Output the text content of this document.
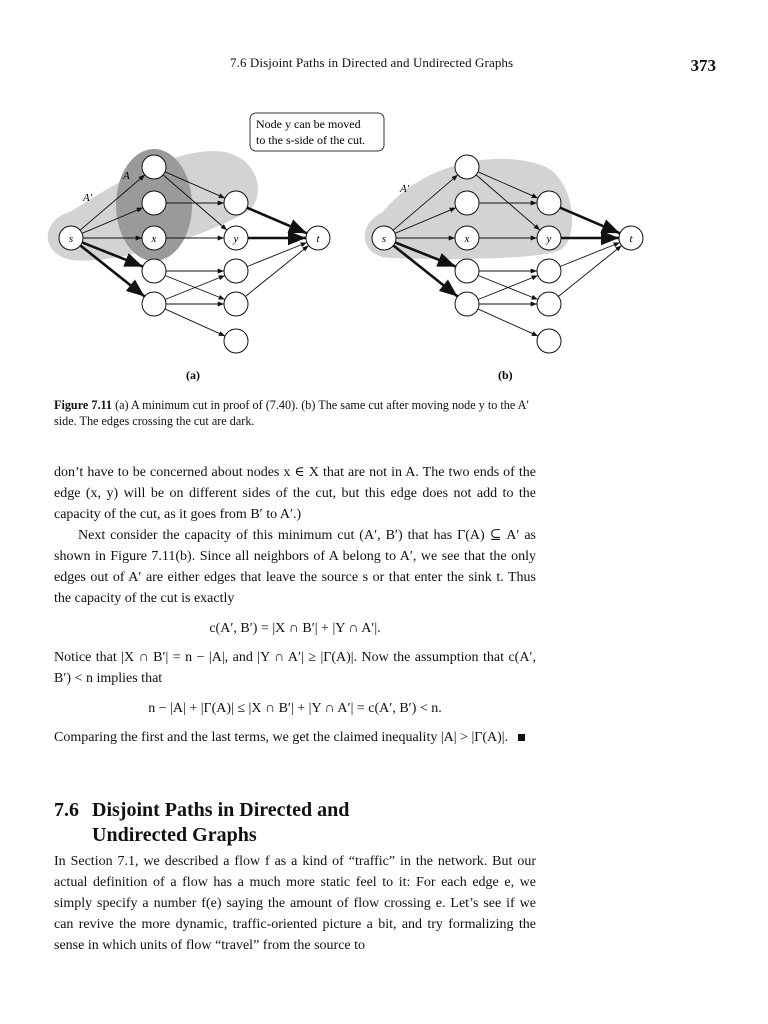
7.6 Disjoint Paths in Directed and Undirected Graphs	373
Node y can be moved
to the s-side of the cut.
A′
A
s	x	y	t
(a)
A′
s	x	y	t
(b)
Figure 7.11 (a) A minimum cut in proof of (7.40). (b) The same cut after moving node y to the A′ side. The edges crossing the cut are dark.

don’t have to be concerned about nodes x ∈ X that are not in A. The two ends of the edge (x, y) will be on different sides of the cut, but this edge does not add to the capacity of the cut, as it goes from B′ to A′.)

Next consider the capacity of this minimum cut (A′, B′) that has Γ(A) ⊆ A′ as shown in Figure 7.11(b). Since all neighbors of A belong to A′, we see that the only edges out of A′ are either edges that leave the source s or that enter the sink t. Thus the capacity of the cut is exactly

c(A′, B′) = |X ∩ B′| + |Y ∩ A′|.

Notice that |X ∩ B′| = n − |A|, and |Y ∩ A′| ≥ |Γ(A)|. Now the assumption that c(A′, B′) < n implies that

n − |A| + |Γ(A)| ≤ |X ∩ B′| + |Y ∩ A′| = c(A′, B′) < n.

Comparing the first and the last terms, we get the claimed inequality |A| > |Γ(A)|.

7.6 Disjoint Paths in Directed and
Undirected Graphs

In Section 7.1, we described a flow f as a kind of “traffic” in the network. But our actual definition of a flow has a much more static feel to it: For each edge e, we simply specify a number f(e) saying the amount of flow crossing e. Let’s see if we can revive the more dynamic, traffic-oriented picture a bit, and try formalizing the sense in which units of flow “travel” from the source to
